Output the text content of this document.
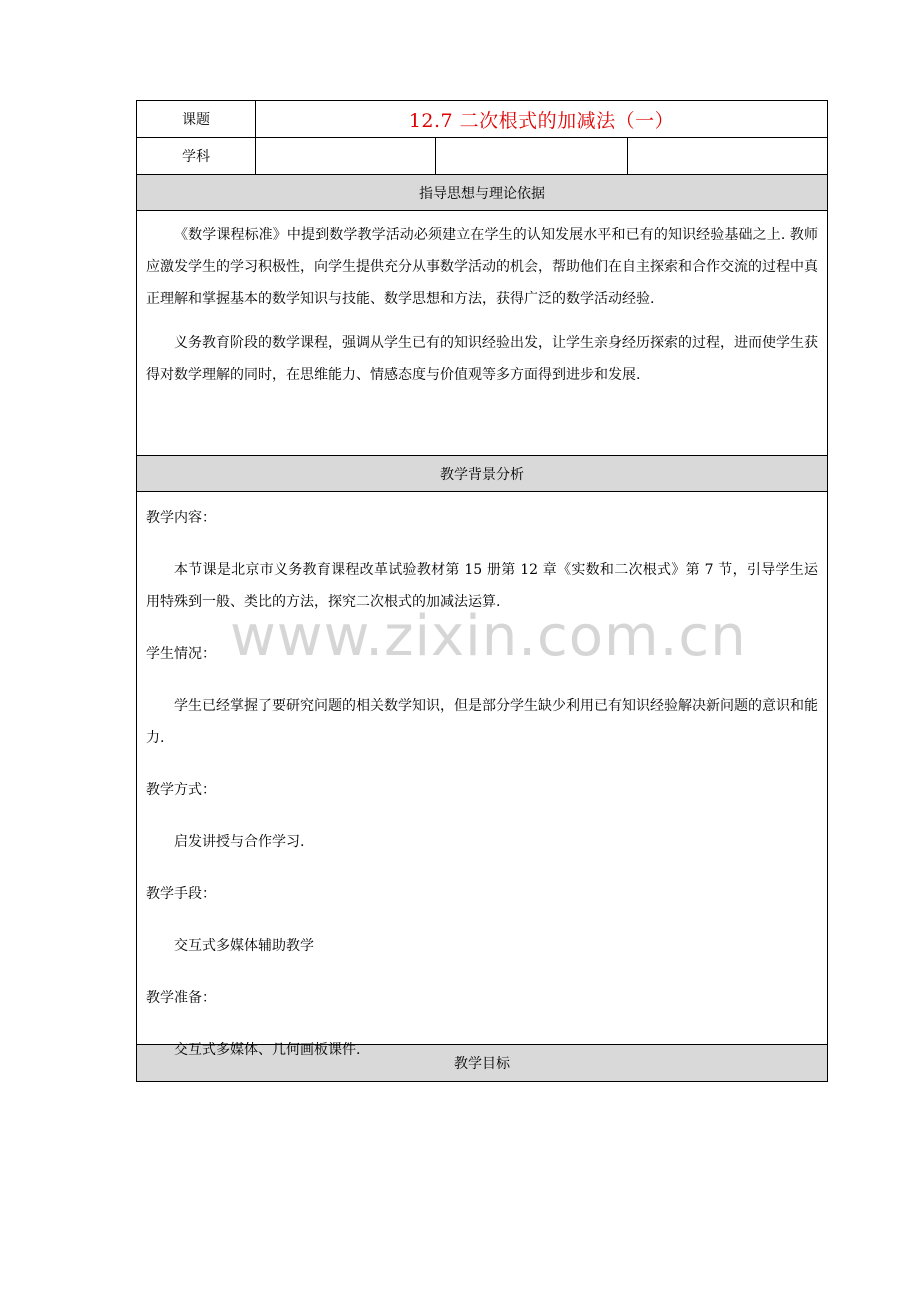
课题	12.7 二次根式的加减法（一）
学科
指导思想与理论依据

《数学课程标准》中提到数学教学活动必须建立在学生的认知发展水平和已有的知识经验基础之上. 教师应激发学生的学习积极性，向学生提供充分从事数学活动的机会，帮助他们在自主探索和合作交流的过程中真正理解和掌握基本的数学知识与技能、数学思想和方法，获得广泛的数学活动经验.

义务教育阶段的数学课程，强调从学生已有的知识经验出发，让学生亲身经历探索的过程，进而使学生获得对数学理解的同时，在思维能力、情感态度与价值观等多方面得到进步和发展.

教学背景分析

教学内容：

本节课是北京市义务教育课程改革试验教材第 15 册第 12 章《实数和二次根式》第 7 节，引导学生运用特殊到一般、类比的方法，探究二次根式的加减法运算.

学生情况：

学生已经掌握了要研究问题的相关数学知识，但是部分学生缺少利用已有知识经验解决新问题的意识和能力.

教学方式：

启发讲授与合作学习.

教学手段：

交互式多媒体辅助教学

教学准备：

交互式多媒体、几何画板课件.

教学目标
www.zixin.com.cn
